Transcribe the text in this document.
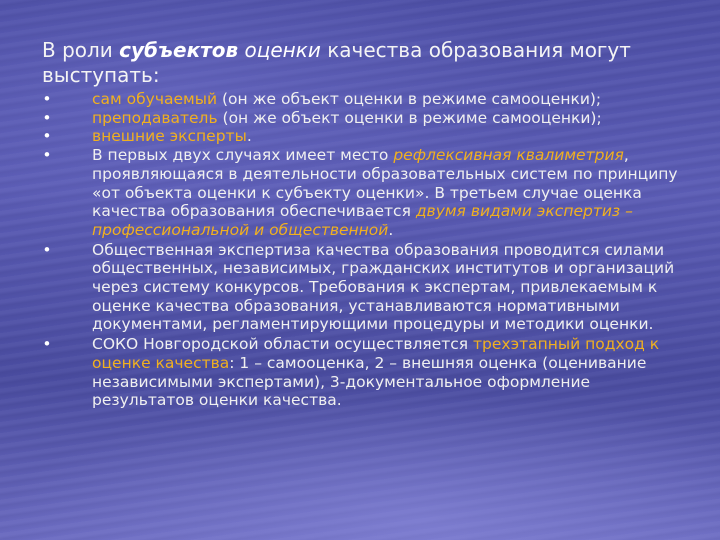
В роли субъектов оценки качества образования могут выступать:
•	сам обучаемый (он же объект оценки в режиме самооценки);
•	преподаватель (он же объект оценки в режиме самооценки);
•	внешние эксперты.
•	В первых двух случаях имеет место рефлексивная квалиметрия, проявляющаяся в деятельности образовательных систем по принципу «от объекта оценки к субъекту оценки». В третьем случае оценка качества образования обеспечивается двумя видами экспертиз – профессиональной и общественной.
•	Общественная экспертиза качества образования проводится силами общественных, независимых, гражданских институтов и организаций через систему конкурсов. Требования к экспертам, привлекаемым к оценке качества образования, устанавливаются нормативными документами, регламентирующими процедуры и методики оценки.
•	СОКО Новгородской области осуществляется трехэтапный подход к оценке качества: 1 – самооценка, 2 – внешняя оценка (оценивание независимыми экспертами), 3-документальное оформление результатов оценки качества.
